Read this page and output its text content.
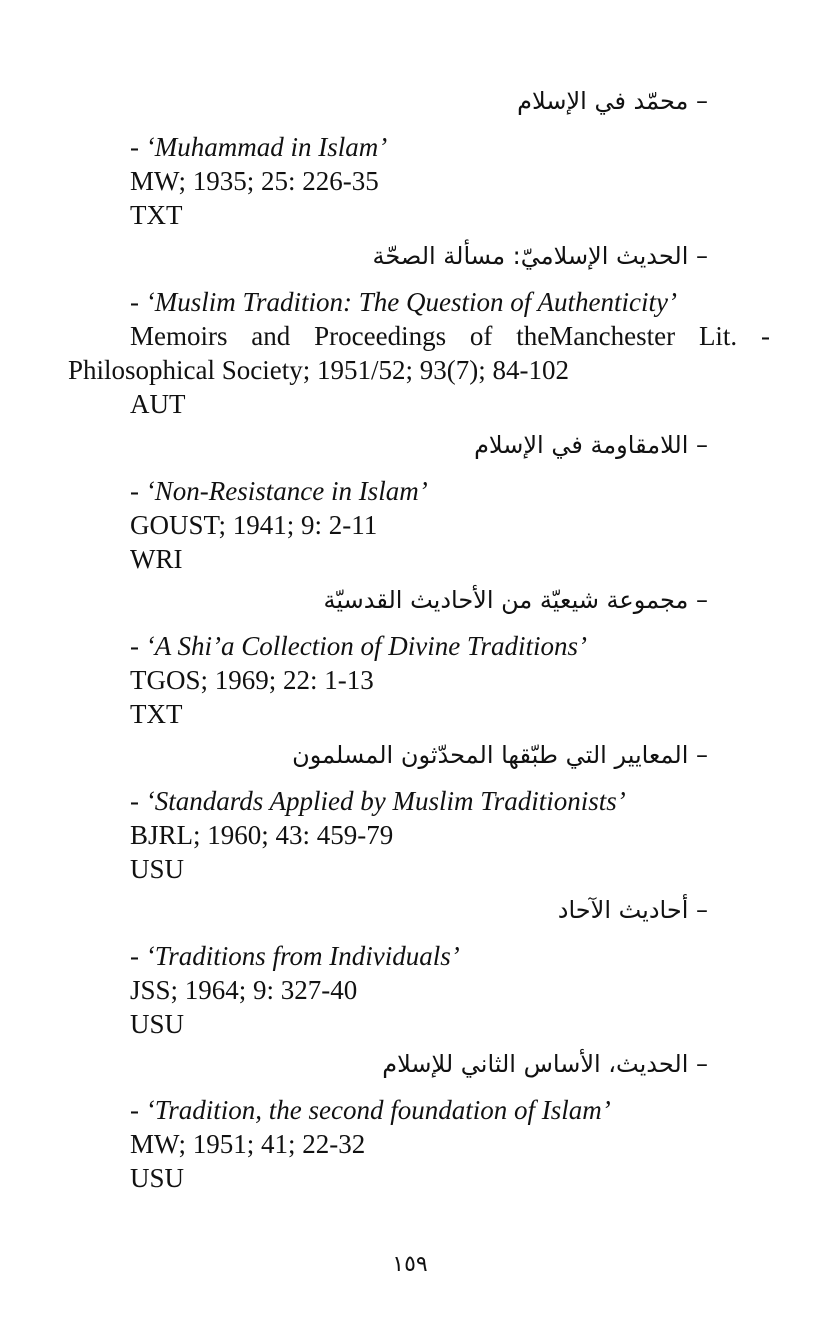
– محمّد في الإسلام
- ‘Muhammad in Islam’
MW; 1935; 25: 226-35
TXT
– الحديث الإسلاميّ: مسألة الصحّة
- ‘Muslim Tradition: The Question of Authenticity’
Memoirs and Proceedings of theManchester Lit. -
Philosophical Society; 1951/52; 93(7); 84-102
AUT
– اللامقاومة في الإسلام
- ‘Non-Resistance in Islam’
GOUST; 1941; 9: 2-11
WRI
– مجموعة شيعيّة من الأحاديث القدسيّة
- ‘A Shi’a Collection of Divine Traditions’
TGOS; 1969; 22: 1-13
TXT
– المعايير التي طبّقها المحدّثون المسلمون
- ‘Standards Applied by Muslim Traditionists’
BJRL; 1960; 43: 459-79
USU
– أحاديث الآحاد
- ‘Traditions from Individuals’
JSS; 1964; 9: 327-40
USU
– الحديث، الأساس الثاني للإسلام
- ‘Tradition, the second foundation of Islam’
MW; 1951; 41; 22-32
USU
١٥٩
